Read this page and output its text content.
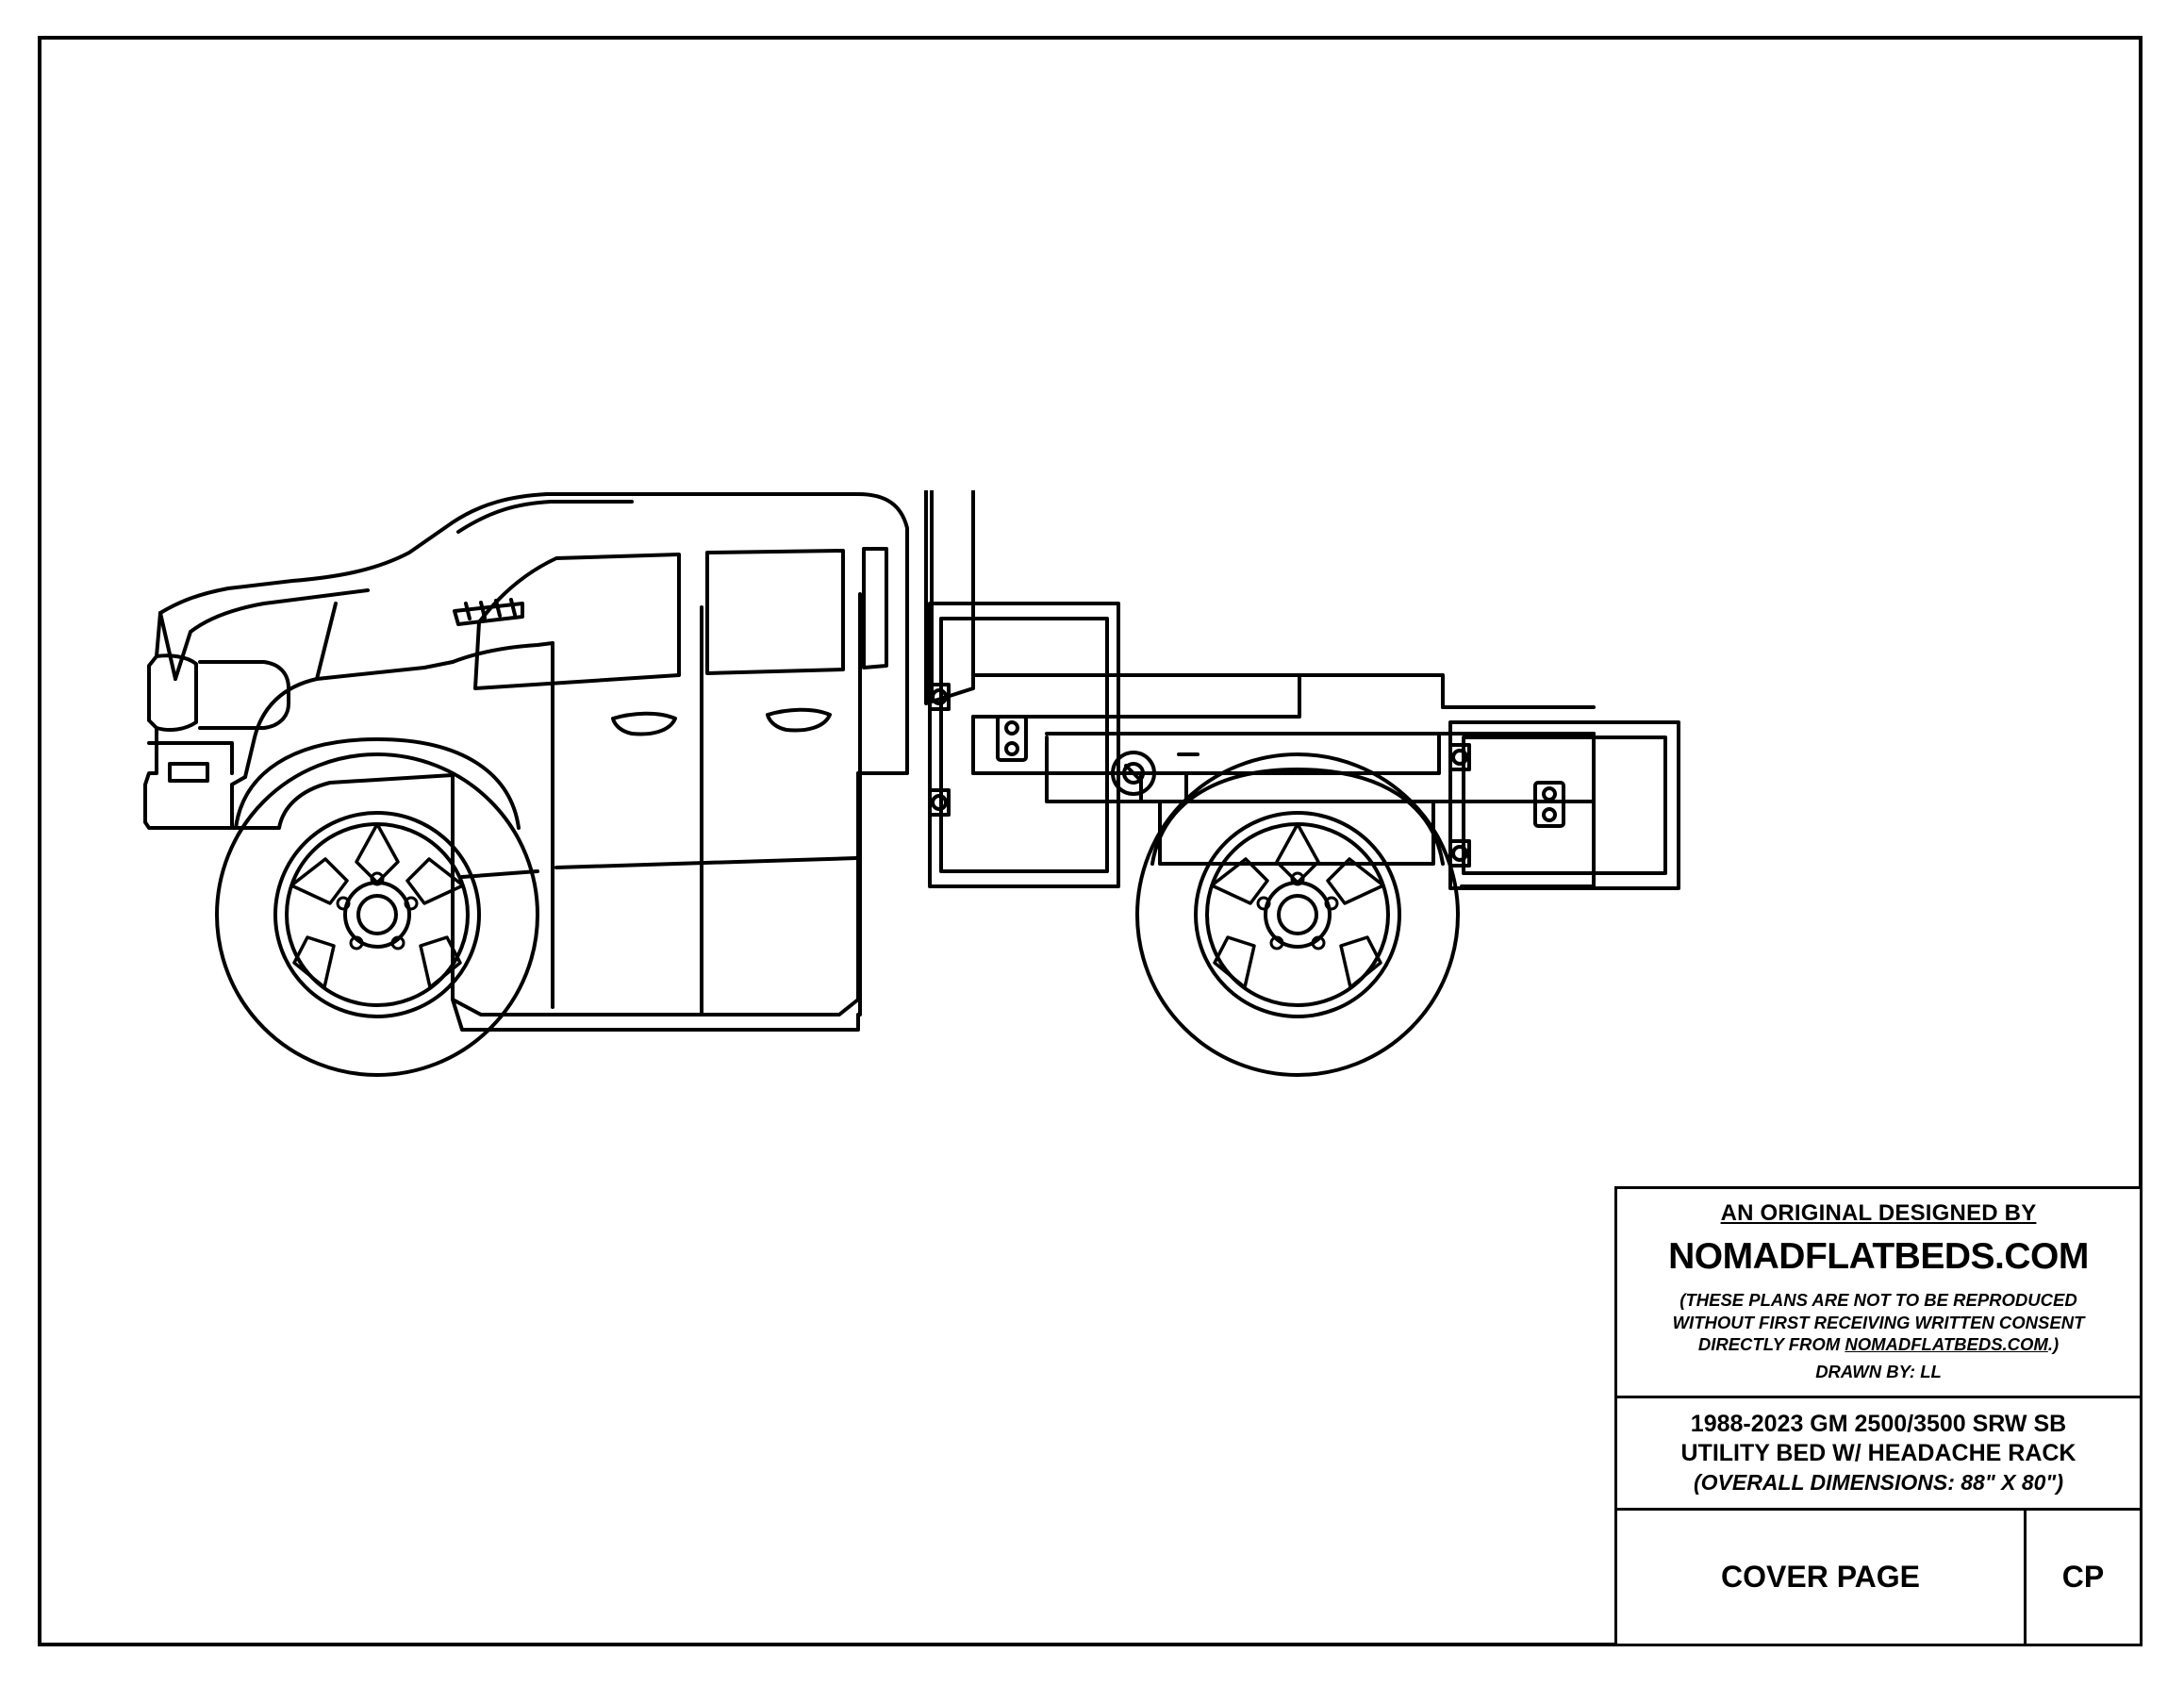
AN ORIGINAL DESIGNED BY
NOMADFLATBEDS.COM
(THESE PLANS ARE NOT TO BE REPRODUCED
WITHOUT FIRST RECEIVING WRITTEN CONSENT
DIRECTLY FROM NOMADFLATBEDS.COM.)
DRAWN BY: LL
1988-2023 GM 2500/3500 SRW SB
UTILITY BED W/ HEADACHE RACK
(OVERALL DIMENSIONS: 88" X 80")
COVER PAGE	CP
